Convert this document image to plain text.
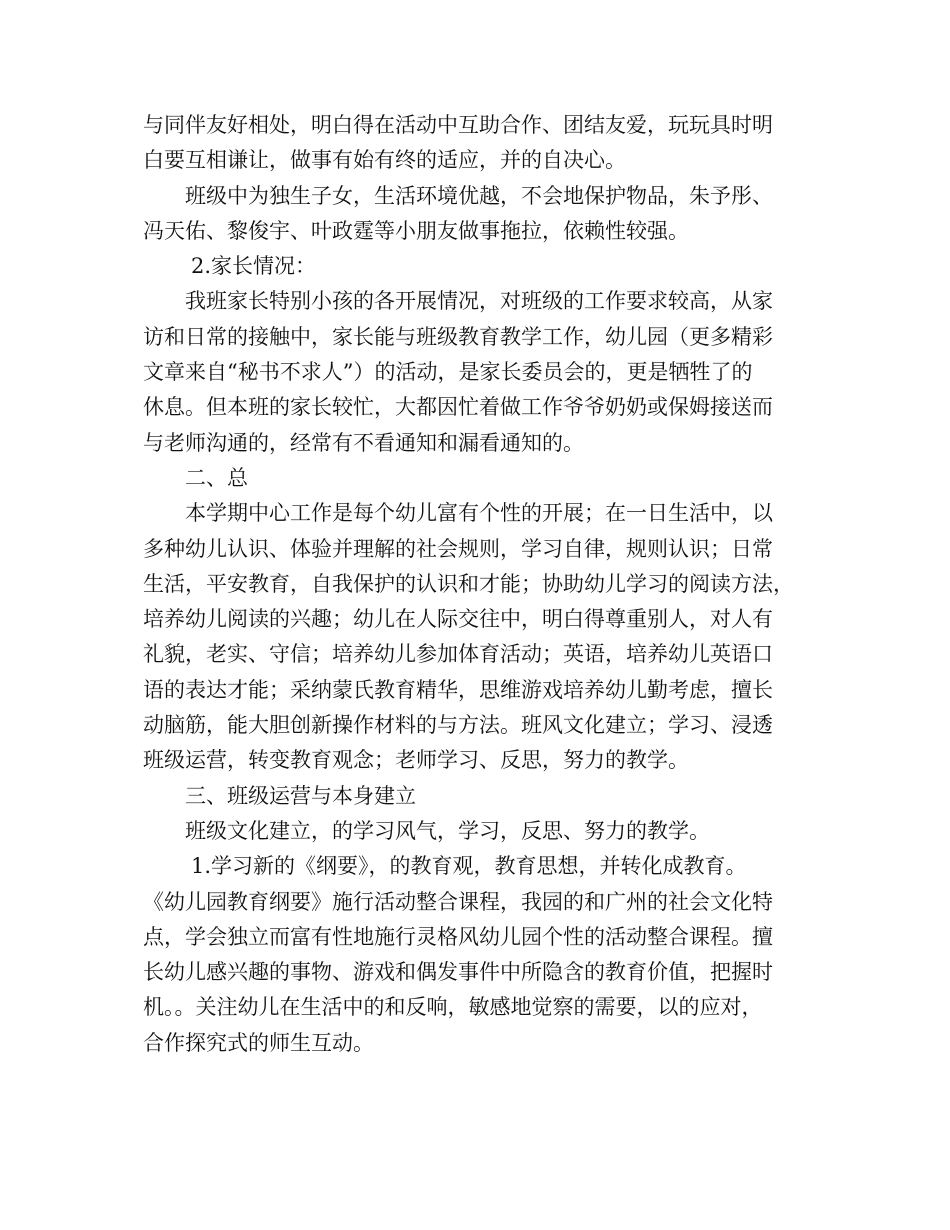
与同伴友好相处，明白得在活动中互助合作、团结友爱，玩玩具时明
白要互相谦让，做事有始有终的适应，并的自决心。
班级中为独生子女，生活环境优越，不会地保护物品，朱予彤、
冯天佑、黎俊宇、叶政霆等小朋友做事拖拉，依赖性较强。
2.家长情况：
我班家长特别小孩的各开展情况，对班级的工作要求较高，从家
访和日常的接触中，家长能与班级教育教学工作，幼儿园（更多精彩
文章来自“秘书不求人”）的活动，是家长委员会的，更是牺牲了的
休息。但本班的家长较忙，大都因忙着做工作爷爷奶奶或保姆接送而
与老师沟通的，经常有不看通知和漏看通知的。
二、总
本学期中心工作是每个幼儿富有个性的开展；在一日生活中，以
多种幼儿认识、体验并理解的社会规则，学习自律，规则认识；日常
生活，平安教育，自我保护的认识和才能；协助幼儿学习的阅读方法，
培养幼儿阅读的兴趣；幼儿在人际交往中，明白得尊重别人，对人有
礼貌，老实、守信；培养幼儿参加体育活动；英语，培养幼儿英语口
语的表达才能；采纳蒙氏教育精华，思维游戏培养幼儿勤考虑，擅长
动脑筋，能大胆创新操作材料的与方法。班风文化建立；学习、浸透
班级运营，转变教育观念；老师学习、反思，努力的教学。
三、班级运营与本身建立
班级文化建立，的学习风气，学习，反思、努力的教学。
1.学习新的《纲要》，的教育观，教育思想，并转化成教育。
《幼儿园教育纲要》施行活动整合课程，我园的和广州的社会文化特
点，学会独立而富有性地施行灵格风幼儿园个性的活动整合课程。擅
长幼儿感兴趣的事物、游戏和偶发事件中所隐含的教育价值，把握时
机。。关注幼儿在生活中的和反响，敏感地觉察的需要，以的应对，
合作探究式的师生互动。
